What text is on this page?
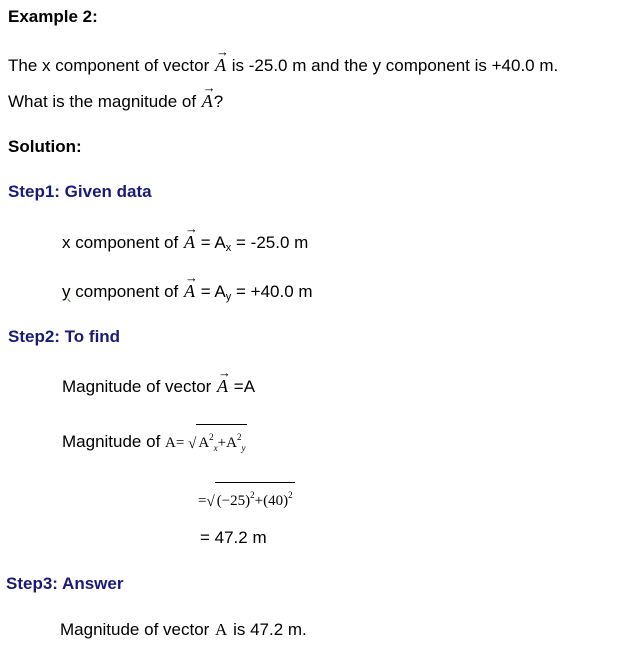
Example 2:
The x component of vector
→
A is -25.0 m and the y component is +40.0 m.
What is the magnitude of
→
A?
Solution:
Step1: Given data
x component of
→
$A = A_x = -25.0$ m
y component of
→
$A = A_y = +40.0$ m
Step2: To find
Magnitude of vector
→
A =A
Magnitude of A= √ $A^2_x+A^2_y$
=√ $(-25)^2+(40)^2$
= 47.2 m
Step3: Answer
Magnitude of vector A is 47.2 m.
